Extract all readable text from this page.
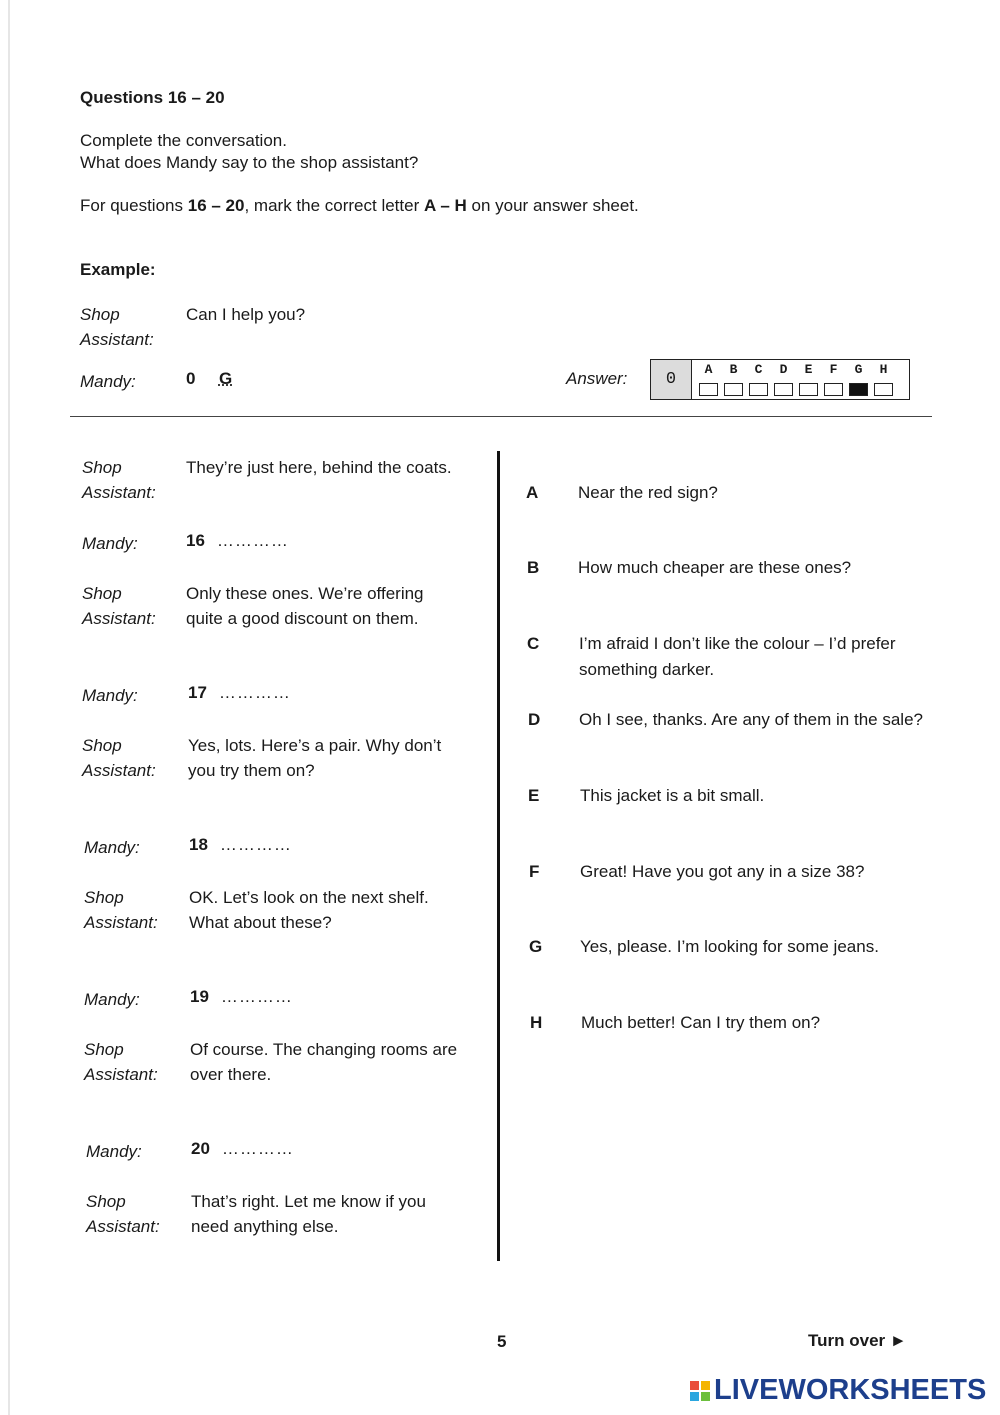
Questions 16 – 20
Complete the conversation.
What does Mandy say to the shop assistant?
For questions 16 – 20, mark the correct letter A – H on your answer sheet.
Example:
Shop
Assistant:
Can I help you?
Mandy:	0 G	Answer:	0
A	B	C	D	E	F	G	H
Shop
Assistant:
They’re just here, behind the coats.
Mandy:	16 …………
Shop
Assistant:
Only these ones. We’re offering
quite a good discount on them.
Mandy:	17 …………
Shop
Assistant:
Yes, lots. Here’s a pair. Why don’t
you try them on?
Mandy:	18 …………
Shop
Assistant:
OK. Let’s look on the next shelf.
What about these?
Mandy:	19 …………
Shop
Assistant:
Of course. The changing rooms are
over there.
Mandy:	20 …………
Shop
Assistant:
That’s right. Let me know if you
need anything else.
A Near the red sign?
B How much cheaper are these ones?
C I’m afraid I don’t like the colour – I’d prefer something darker.
D Oh I see, thanks. Are any of them in the sale?
E This jacket is a bit small.
F Great! Have you got any in a size 38?
G Yes, please. I’m looking for some jeans.
H Much better! Can I try them on?
5	Turn over ►
LIVEWORKSHEETS
